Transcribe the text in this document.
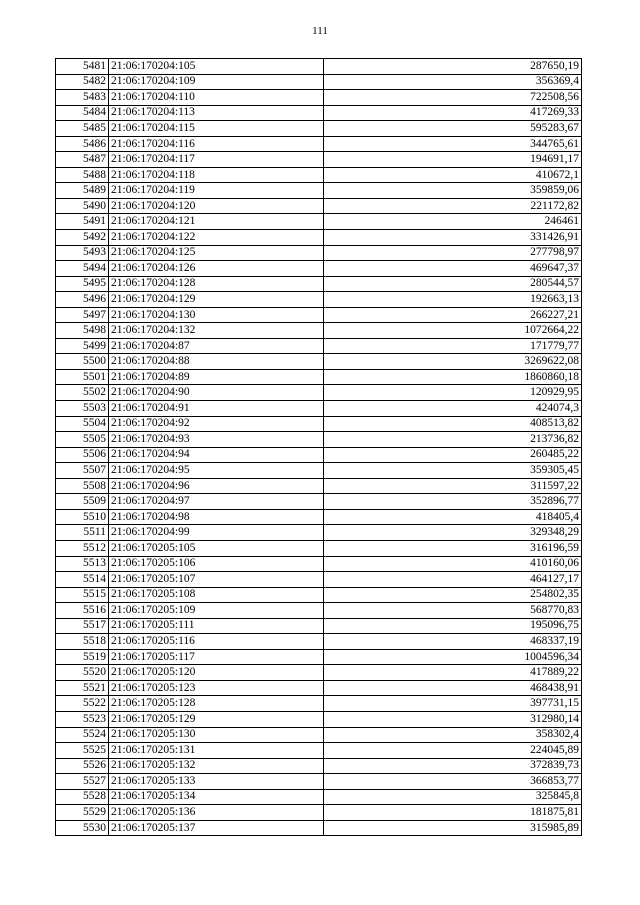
111
5481	21:06:170204:105	287650,19
5482	21:06:170204:109	356369,4
5483	21:06:170204:110	722508,56
5484	21:06:170204:113	417269,33
5485	21:06:170204:115	595283,67
5486	21:06:170204:116	344765,61
5487	21:06:170204:117	194691,17
5488	21:06:170204:118	410672,1
5489	21:06:170204:119	359859,06
5490	21:06:170204:120	221172,82
5491	21:06:170204:121	246461
5492	21:06:170204:122	331426,91
5493	21:06:170204:125	277798,97
5494	21:06:170204:126	469647,37
5495	21:06:170204:128	280544,57
5496	21:06:170204:129	192663,13
5497	21:06:170204:130	266227,21
5498	21:06:170204:132	1072664,22
5499	21:06:170204:87	171779,77
5500	21:06:170204:88	3269622,08
5501	21:06:170204:89	1860860,18
5502	21:06:170204:90	120929,95
5503	21:06:170204:91	424074,3
5504	21:06:170204:92	408513,82
5505	21:06:170204:93	213736,82
5506	21:06:170204:94	260485,22
5507	21:06:170204:95	359305,45
5508	21:06:170204:96	311597,22
5509	21:06:170204:97	352896,77
5510	21:06:170204:98	418405,4
5511	21:06:170204:99	329348,29
5512	21:06:170205:105	316196,59
5513	21:06:170205:106	410160,06
5514	21:06:170205:107	464127,17
5515	21:06:170205:108	254802,35
5516	21:06:170205:109	568770,83
5517	21:06:170205:111	195096,75
5518	21:06:170205:116	468337,19
5519	21:06:170205:117	1004596,34
5520	21:06:170205:120	417889,22
5521	21:06:170205:123	468438,91
5522	21:06:170205:128	397731,15
5523	21:06:170205:129	312980,14
5524	21:06:170205:130	358302,4
5525	21:06:170205:131	224045,89
5526	21:06:170205:132	372839,73
5527	21:06:170205:133	366853,77
5528	21:06:170205:134	325845,8
5529	21:06:170205:136	181875,81
5530	21:06:170205:137	315985,89
